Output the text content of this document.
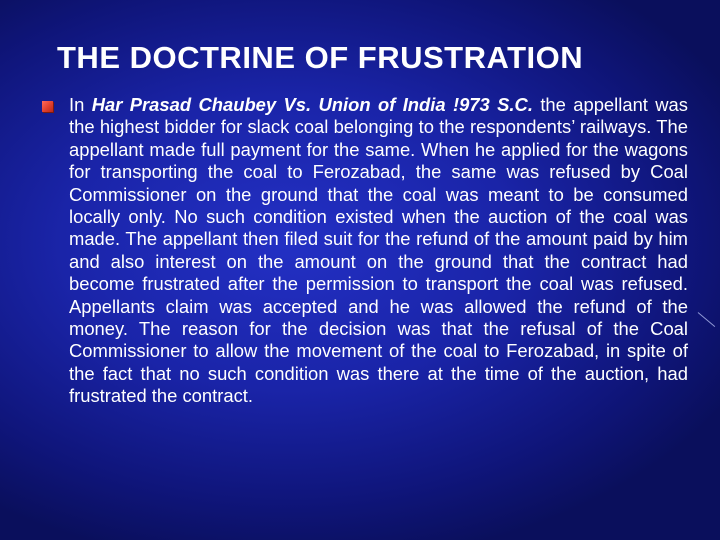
THE DOCTRINE OF FRUSTRATION
In Har Prasad Chaubey Vs. Union of India !973 S.C. the appellant was the highest bidder for slack coal belonging to the respondents’ railways. The appellant made full payment for the same. When he applied for the wagons for transporting the coal to Ferozabad, the same was refused by Coal Commissioner on the ground that the coal was meant to be consumed locally only. No such condition existed when the auction of the coal was made. The appellant then filed suit for the refund of the amount paid by him and also interest on the amount on the ground that the contract had become frustrated after the permission to transport the coal was refused. Appellants claim was accepted and he was allowed the refund of the money. The reason for the decision was that the refusal of the Coal Commissioner to allow the movement of the coal to Ferozabad, in spite of the fact that no such condition was there at the time of the auction, had frustrated the contract.
